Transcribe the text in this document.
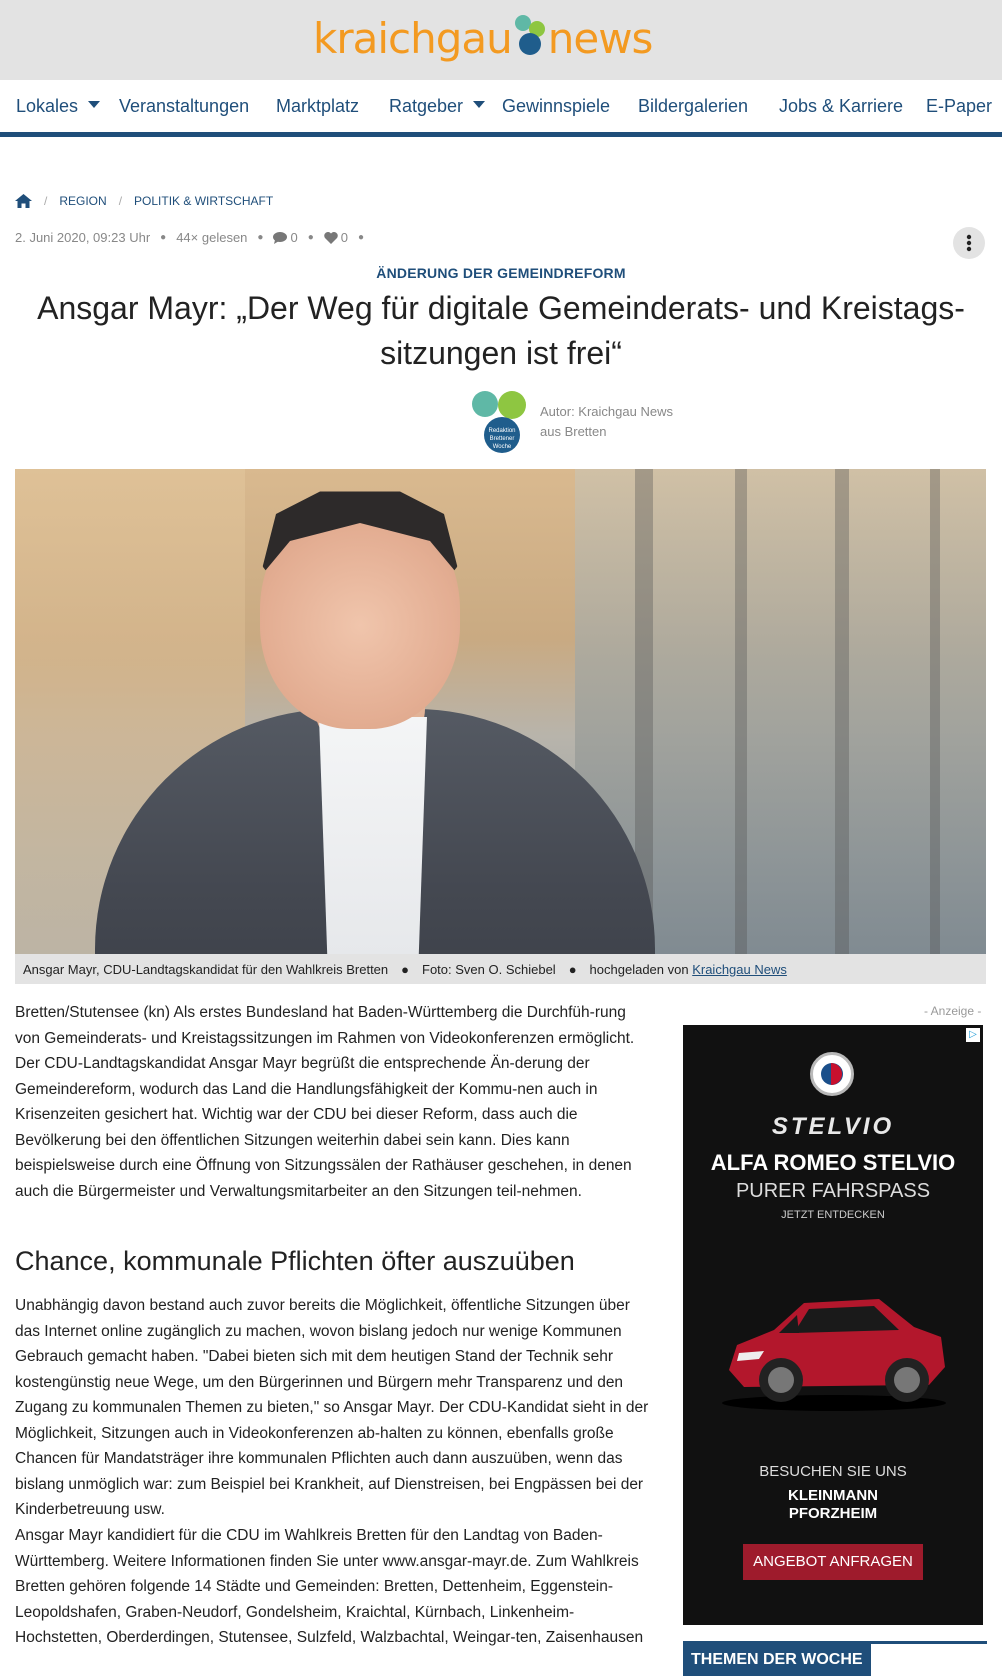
kraichgau news
Lokales	Veranstaltungen Marktplatz Ratgeber	Gewinnspiele Bildergalerien Jobs & Karriere E-Paper
/ REGION / POLITIK & WIRTSCHAFT
2. Juni 2020, 09:23 Uhr ● 44× gelesen ● 0 ● 0 ●
ÄNDERUNG DER GEMEINDREFORM
Ansgar Mayr: „Der Weg für digitale Gemeinderats- und Kreistags-sitzungen ist frei“
Redaktion Brettener Woche
Autor: Kraichgau News
aus Bretten
Ansgar Mayr, CDU-Landtagskandidat für den Wahlkreis Bretten ● Foto: Sven O. Schiebel ● hochgeladen von
Kraichgau News

Bretten/Stutensee (kn) Als erstes Bundesland hat Baden-Württemberg die Durchfüh-rung von Gemeinderats- und Kreistagssitzungen im Rahmen von Videokonferenzen ermöglicht. Der CDU-Landtagskandidat Ansgar Mayr begrüßt die entsprechende Än-derung der Gemeindereform, wodurch das Land die Handlungsfähigkeit der Kommu-nen auch in Krisenzeiten gesichert hat. Wichtig war der CDU bei dieser Reform, dass auch die Bevölkerung bei den öffentlichen Sitzungen weiterhin dabei sein kann. Dies kann beispielsweise durch eine Öffnung von Sitzungssälen der Rathäuser geschehen, in denen auch die Bürgermeister und Verwaltungsmitarbeiter an den Sitzungen teil-nehmen.

Chance, kommunale Pflichten öfter auszuüben

Unabhängig davon bestand auch zuvor bereits die Möglichkeit, öffentliche Sitzungen über das Internet online zugänglich zu machen, wovon bislang jedoch nur wenige Kommunen Gebrauch gemacht haben. "Dabei bieten sich mit dem heutigen Stand der Technik sehr kostengünstig neue Wege, um den Bürgerinnen und Bürgern mehr Transparenz und den Zugang zu kommunalen Themen zu bieten," so Ansgar Mayr. Der CDU-Kandidat sieht in der Möglichkeit, Sitzungen auch in Videokonferenzen ab-halten zu können, ebenfalls große Chancen für Mandatsträger ihre kommunalen Pflichten auch dann auszuüben, wenn das bislang unmöglich war: zum Beispiel bei Krankheit, auf Dienstreisen, bei Engpässen bei der Kinderbetreuung usw.

Ansgar Mayr kandidiert für die CDU im Wahlkreis Bretten für den Landtag von Baden-Württemberg. Weitere Informationen finden Sie unter www.ansgar-mayr.de. Zum Wahlkreis Bretten gehören folgende 14 Städte und Gemeinden: Bretten, Dettenheim, Eggenstein-Leopoldshafen, Graben-Neudorf, Gondelsheim, Kraichtal, Kürnbach, Linkenheim-Hochstetten, Oberderdingen, Stutensee, Sulzfeld, Walzbachtal, Weingar-ten, Zaisenhausen

- Anzeige -
▷
STELVIO
ALFA ROMEO STELVIO
PURER FAHRSPASS
JETZT ENTDECKEN
BESUCHEN SIE UNS
KLEINMANN PFORZHEIM
ANGEBOT ANFRAGEN
THEMEN DER WOCHE
